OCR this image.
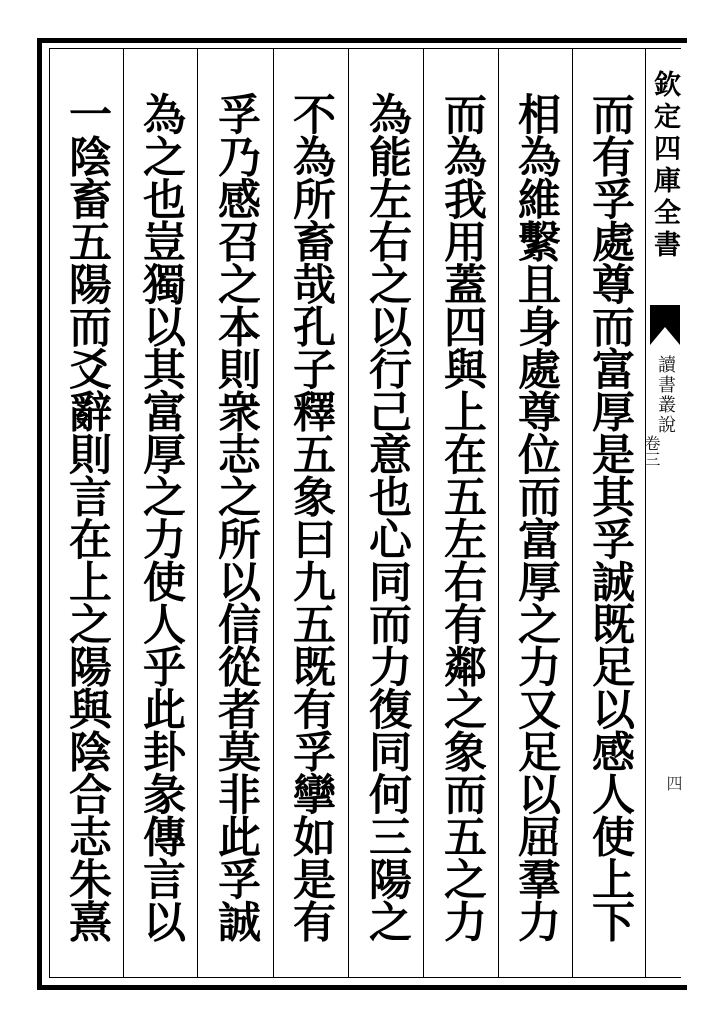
欽定四庫全書
讀書叢說
卷三
四
而有孚處尊而富厚是其孚誠既足以感人使上下
相為維繫且身處尊位而富厚之力又足以屈羣力
而為我用蓋四與上在五左右有鄰之象而五之力
為能左右之以行己意也心同而力復同何三陽之
不為所畜哉孔子釋五象曰九五既有孚攣如是有
孚乃感召之本則衆志之所以信從者莫非此孚誠
為之也豈獨以其富厚之力使人乎此卦彖傳言以
一陰畜五陽而爻辭則言在上之陽與陰合志朱熹
